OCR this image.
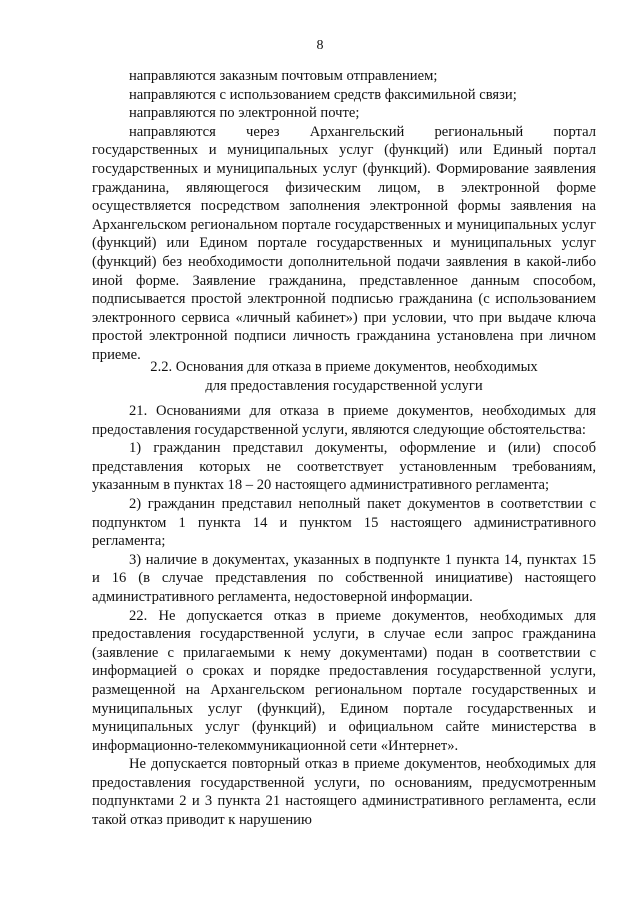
8

направляются заказным почтовым отправлением;

направляются с использованием средств факсимильной связи;

направляются по электронной почте;

направляются через Архангельский региональный портал государственных и муниципальных услуг (функций) или Единый портал государственных и муниципальных услуг (функций). Формирование заявления гражданина, являющегося физическим лицом, в электронной форме осуществляется посредством заполнения электронной формы заявления на Архангельском региональном портале государственных и муниципальных услуг (функций) или Едином портале государственных и муниципальных услуг (функций) без необходимости дополнительной подачи заявления в какой-либо иной форме. Заявление гражданина, представленное данным способом, подписывается простой электронной подписью гражданина (с использованием электронного сервиса «личный кабинет») при условии, что при выдаче ключа простой электронной подписи личность гражданина установлена при личном приеме.

2.2. Основания для отказа в приеме документов, необходимых
для предоставления государственной услуги

21. Основаниями для отказа в приеме документов, необходимых для предоставления государственной услуги, являются следующие обстоятельства:

1) гражданин представил документы, оформление и (или) способ представления которых не соответствует установленным требованиям, указанным в пунктах 18 – 20 настоящего административного регламента;

2) гражданин представил неполный пакет документов в соответствии с подпунктом 1 пункта 14 и пунктом 15 настоящего административного регламента;

3) наличие в документах, указанных в подпункте 1 пункта 14, пунктах 15 и 16 (в случае представления по собственной инициативе) настоящего административного регламента, недостоверной информации.

22. Не допускается отказ в приеме документов, необходимых для предоставления государственной услуги, в случае если запрос гражданина (заявление с прилагаемыми к нему документами) подан в соответствии с информацией о сроках и порядке предоставления государственной услуги, размещенной на Архангельском региональном портале государственных и муниципальных услуг (функций), Едином портале государственных и муниципальных услуг (функций) и официальном сайте министерства в информационно-телекоммуникационной сети «Интернет».

Не допускается повторный отказ в приеме документов, необходимых для предоставления государственной услуги, по основаниям, предусмотренным подпунктами 2 и 3 пункта 21 настоящего административного регламента, если такой отказ приводит к нарушению
